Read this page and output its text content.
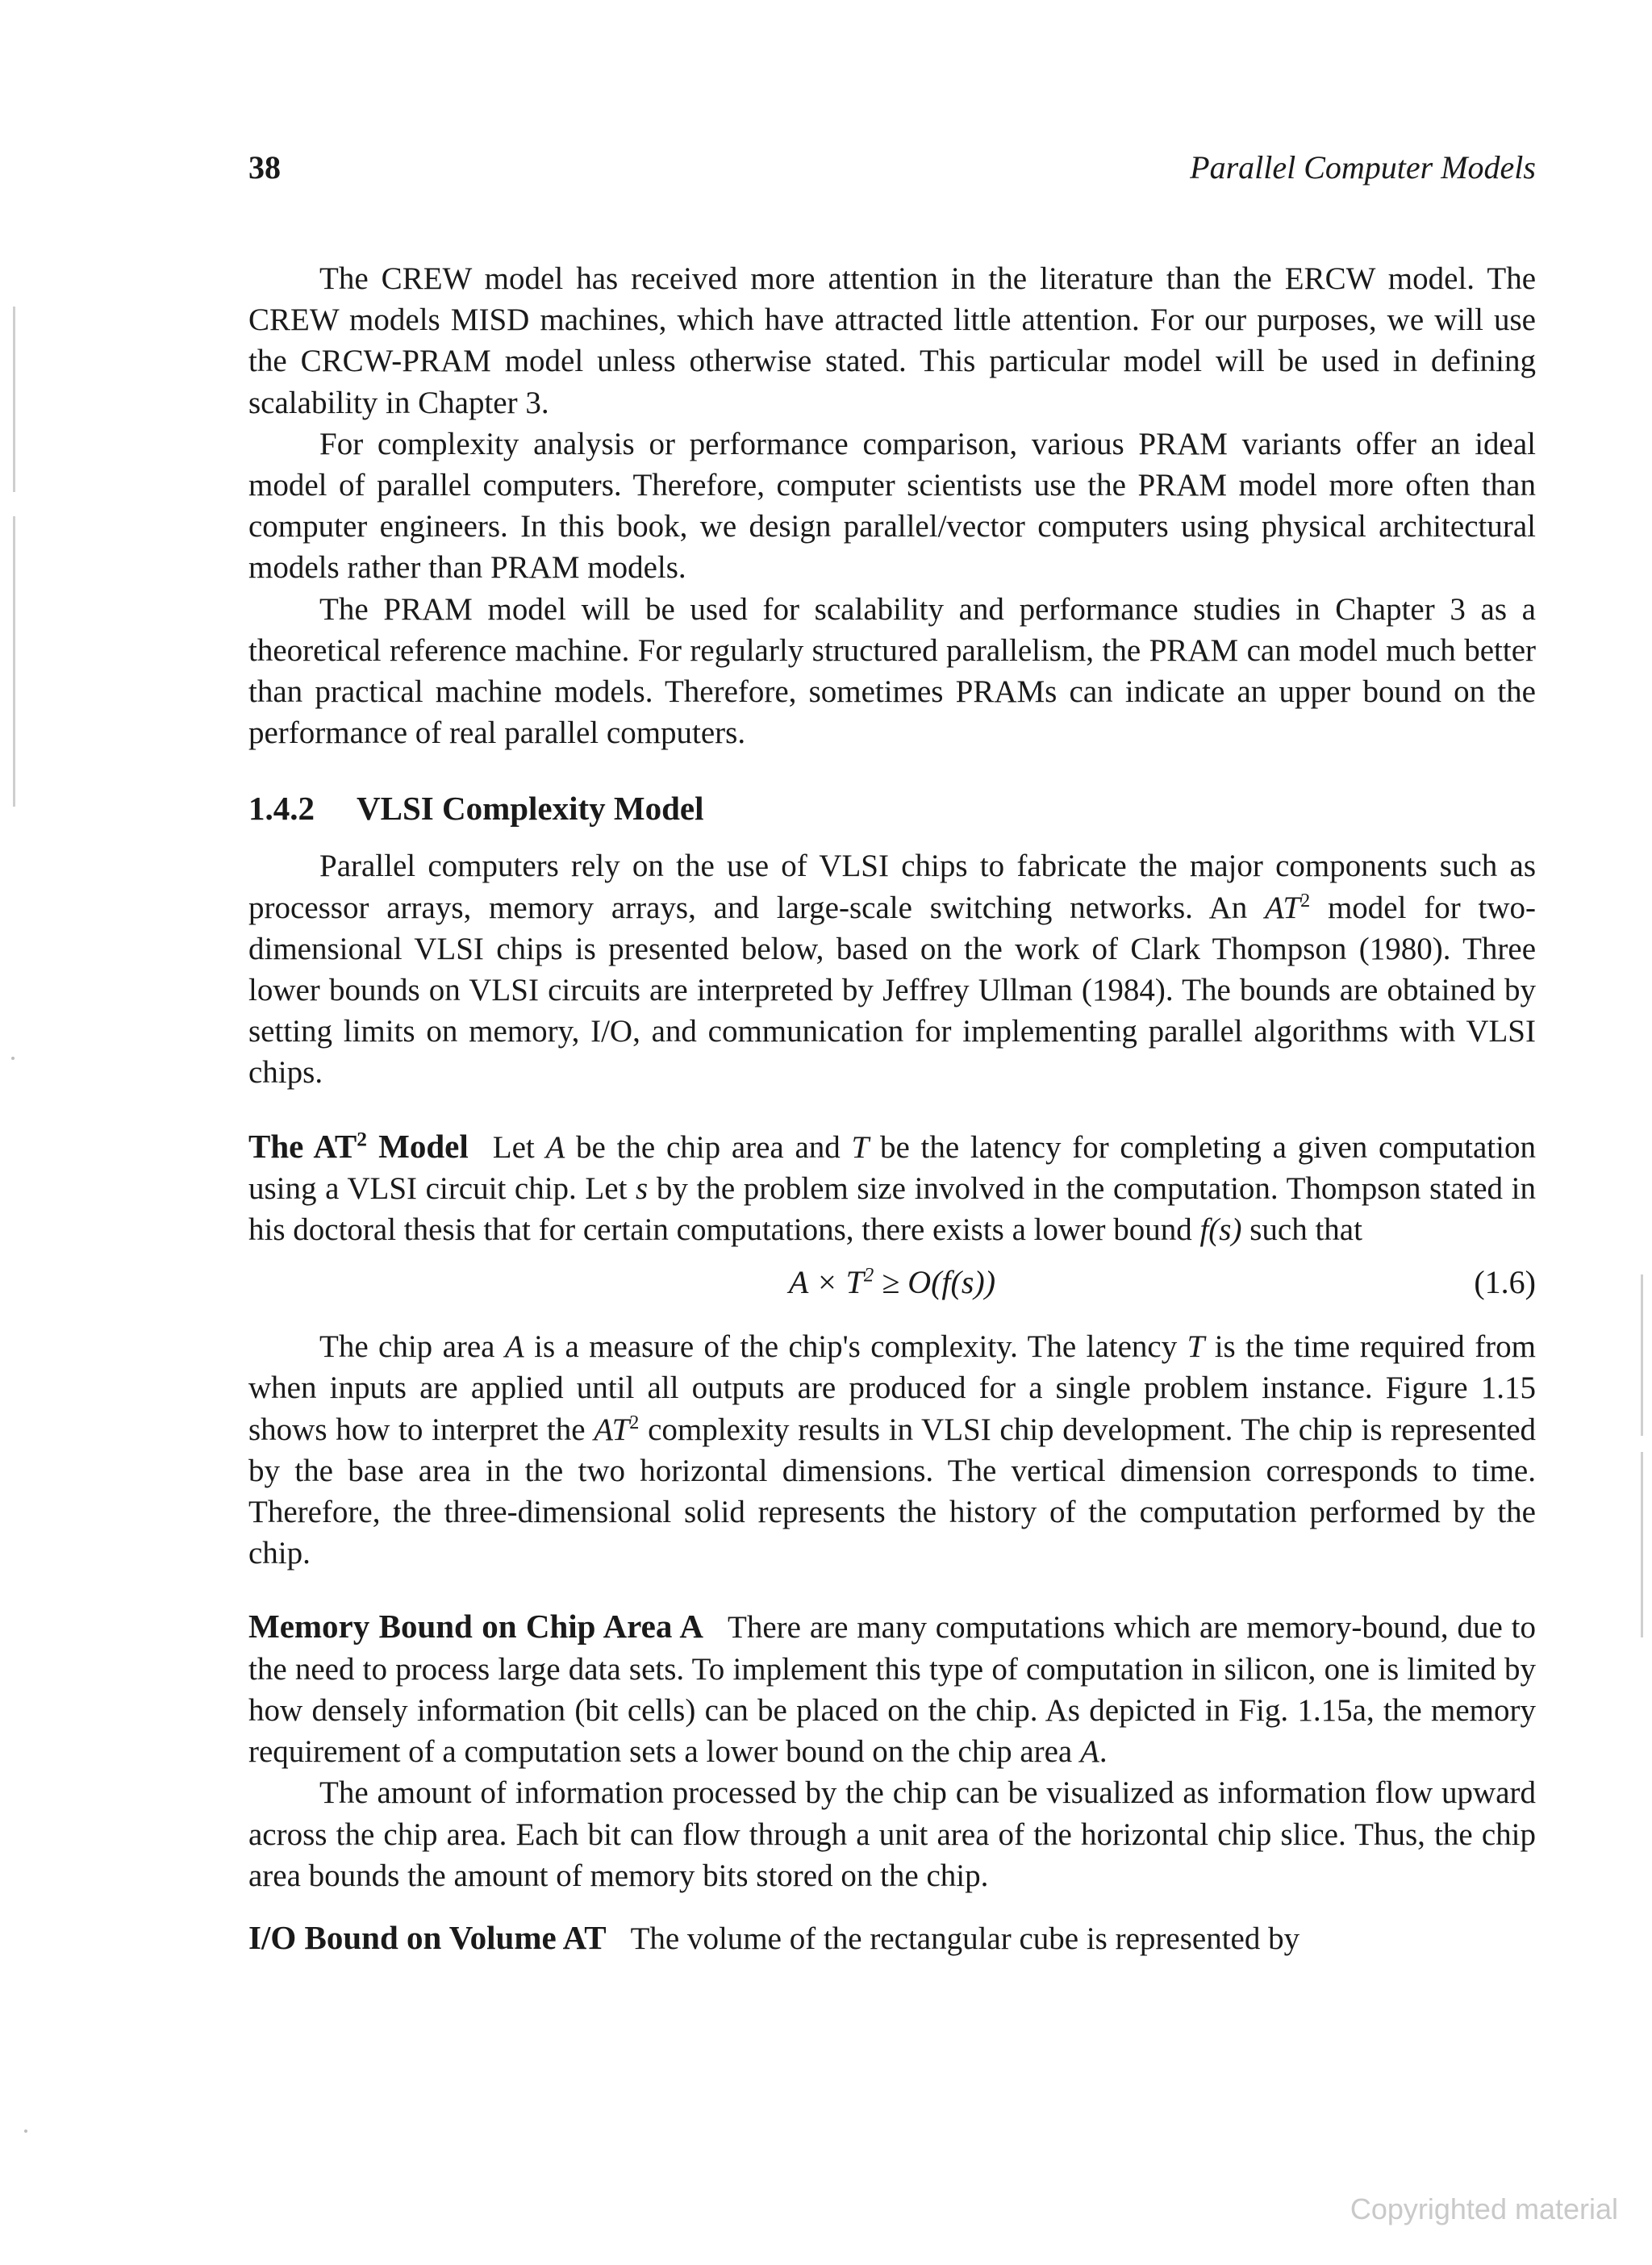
38	Parallel Computer Models

The CREW model has received more attention in the literature than the ERCW model. The CREW models MISD machines, which have attracted little attention. For our purposes, we will use the CRCW-PRAM model unless otherwise stated. This particular model will be used in defining scalability in Chapter 3.

For complexity analysis or performance comparison, various PRAM variants offer an ideal model of parallel computers. Therefore, computer scientists use the PRAM model more often than computer engineers. In this book, we design parallel/vector computers using physical architectural models rather than PRAM models.

The PRAM model will be used for scalability and performance studies in Chapter 3 as a theoretical reference machine. For regularly structured parallelism, the PRAM can model much better than practical machine models. Therefore, sometimes PRAMs can indicate an upper bound on the performance of real parallel computers.

1.4.2 VLSI Complexity Model

Parallel computers rely on the use of VLSI chips to fabricate the major components such as processor arrays, memory arrays, and large-scale switching networks. An $AT^2$ model for two-dimensional VLSI chips is presented below, based on the work of Clark Thompson (1980). Three lower bounds on VLSI circuits are interpreted by Jeffrey Ullman (1984). The bounds are obtained by setting limits on memory, I/O, and communication for implementing parallel algorithms with VLSI chips.

The $AT^2$ Model Let A be the chip area and T be the latency for completing a given computation using a VLSI circuit chip. Let s by the problem size involved in the computation. Thompson stated in his doctoral thesis that for certain computations, there exists a lower bound f(s) such that

$A \times T^2 \ge O(f(s))$	(1.6)

The chip area A is a measure of the chip's complexity. The latency T is the time required from when inputs are applied until all outputs are produced for a single problem instance. Figure 1.15 shows how to interpret the $AT^2$ complexity results in VLSI chip development. The chip is represented by the base area in the two horizontal dimensions. The vertical dimension corresponds to time. Therefore, the three-dimensional solid represents the history of the computation performed by the chip.

Memory Bound on Chip Area A There are many computations which are memory-bound, due to the need to process large data sets. To implement this type of computation in silicon, one is limited by how densely information (bit cells) can be placed on the chip. As depicted in Fig. 1.15a, the memory requirement of a computation sets a lower bound on the chip area A.

The amount of information processed by the chip can be visualized as information flow upward across the chip area. Each bit can flow through a unit area of the horizontal chip slice. Thus, the chip area bounds the amount of memory bits stored on the chip.

I/O Bound on Volume AT The volume of the rectangular cube is represented by

Copyrighted material
